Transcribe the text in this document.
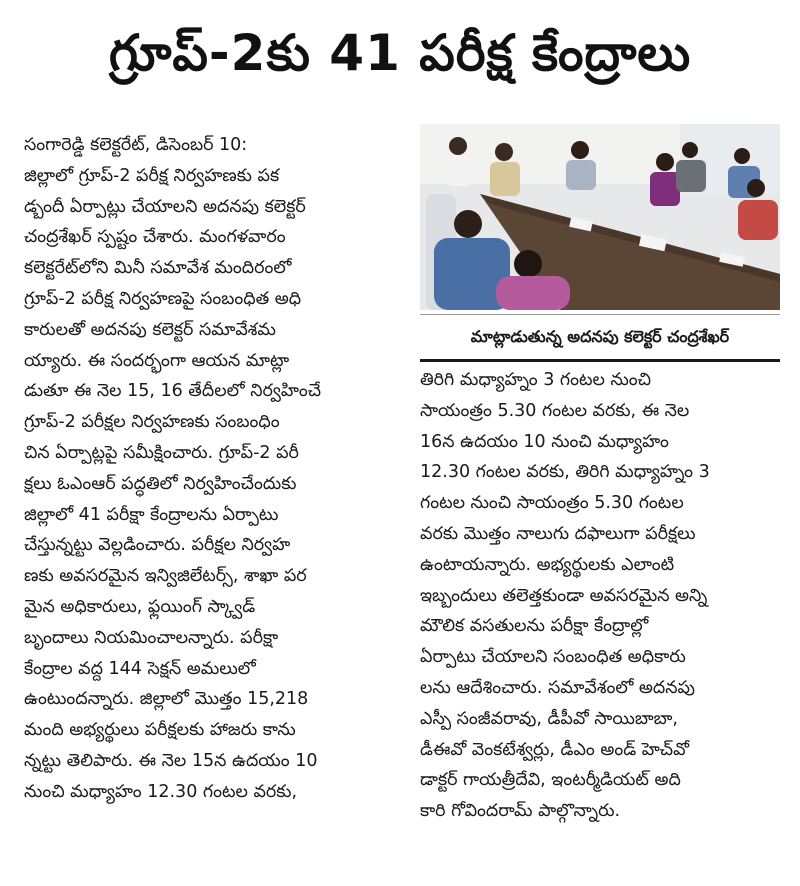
గ్రూప్‌-2కు 41 పరీక్ష కేంద్రాలు
సంగారెడ్డి కలెక్టరేట్‌, డిసెంబర్‌ 10:
జిల్లాలో గ్రూప్‌-2 పరీక్ష నిర్వహణకు పక
డ్బందీ ఏర్పాట్లు చేయాలని అదనపు కలెక్టర్‌
చంద్రశేఖర్‌ స్పష్టం చేశారు. మంగళవారం
కలెక్టరేట్‌లోని మినీ సమావేశ మందిరంలో
గ్రూప్‌-2 పరీక్ష నిర్వహణపై సంబంధిత అధి
కారులతో అదనపు కలెక్టర్‌ సమావేశమ
య్యారు. ఈ సందర్భంగా ఆయన మాట్లా
డుతూ ఈ నెల 15, 16 తేదీలలో నిర్వహించే
గ్రూప్‌-2 పరీక్షల నిర్వహణకు సంబంధిం
చిన ఏర్పాట్లపై సమీక్షించారు. గ్రూప్‌-2 పరీ
క్షలు ఓఎంఆర్‌ పద్ధతిలో నిర్వహించేందుకు
జిల్లాలో 41 పరీక్షా కేంద్రాలను ఏర్పాటు
చేస్తున్నట్టు వెల్లడించారు. పరీక్షల నిర్వహ
ణకు అవసరమైన ఇన్విజిలేటర్స్‌, శాఖా పర
మైన అధికారులు, ఫ్లయింగ్‌ స్క్వాడ్‌
బృందాలు నియమించాలన్నారు. పరీక్షా
కేంద్రాల వద్ద 144 సెక్షన్‌ అమలులో
ఉంటుందన్నారు. జిల్లాలో మొత్తం 15,218
మంది అభ్యర్థులు పరీక్షలకు హాజరు కాను
న్నట్టు తెలిపారు. ఈ నెల 15న ఉదయం 10
నుంచి మధ్యాహం 12.30 గంటల వరకు,
మాట్లాడుతున్న అదనపు కలెక్టర్‌ చంద్రశేఖర్‌
తిరిగి మధ్యాహ్నం 3 గంటల నుంచి
సాయంత్రం 5.30 గంటల వరకు, ఈ నెల
16న ఉదయం 10 నుంచి మధ్యాహం
12.30 గంటల వరకు, తిరిగి మధ్యాహ్నం 3
గంటల నుంచి సాయంత్రం 5.30 గంటల
వరకు మొత్తం నాలుగు దఫాలుగా పరీక్షలు
ఉంటాయన్నారు. అభ్యర్థులకు ఎలాంటి
ఇబ్బందులు తలెత్తకుండా అవసరమైన అన్ని
మౌలిక వసతులను పరీక్షా కేంద్రాల్లో
ఏర్పాటు చేయాలని సంబంధిత అధికారు
లను ఆదేశించారు. సమావేశంలో అదనపు
ఎస్పీ సంజీవరావు, డీపీవో సాయిబాబా,
డీఈవో వెంకటేశ్వర్లు, డీఎం అండ్‌ హెచ్‌వో
డాక్టర్‌ గాయత్రీదేవి, ఇంటర్మీడియట్‌ అది
కారి గోవిందరామ్‌ పాల్గొన్నారు.
